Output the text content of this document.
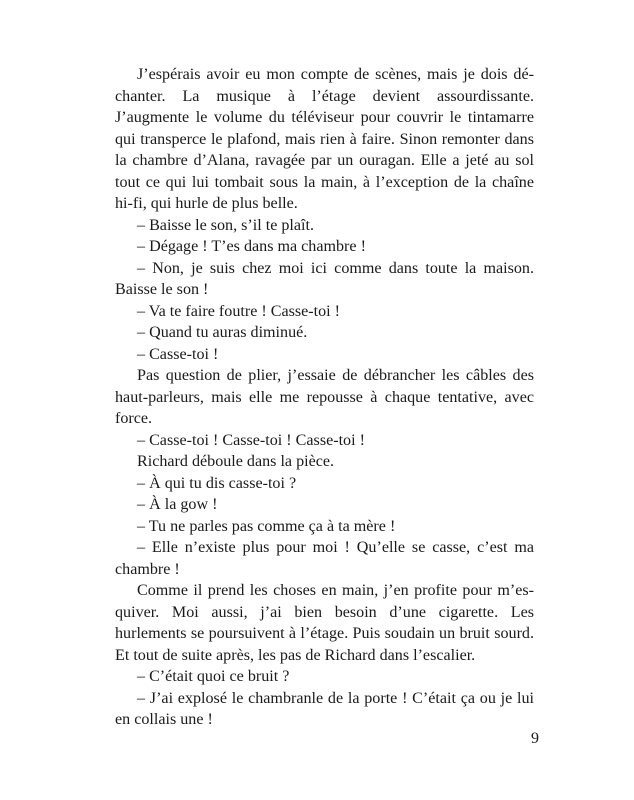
J’espérais avoir eu mon compte de scènes, mais je dois déchanter. La musique à l’étage devient assourdissante. J’augmente le volume du téléviseur pour couvrir le tintamarre qui transperce le plafond, mais rien à faire. Sinon remonter dans la chambre d’Alana, ravagée par un ouragan. Elle a jeté au sol tout ce qui lui tombait sous la main, à l’exception de la chaîne hi-fi, qui hurle de plus belle.

– Baisse le son, s’il te plaît.

– Dégage ! T’es dans ma chambre !

– Non, je suis chez moi ici comme dans toute la maison. Baisse le son !

– Va te faire foutre ! Casse-toi !

– Quand tu auras diminué.

– Casse-toi !

Pas question de plier, j’essaie de débrancher les câbles des haut-parleurs, mais elle me repousse à chaque tentative, avec force.

– Casse-toi ! Casse-toi ! Casse-toi !

Richard déboule dans la pièce.

– À qui tu dis casse-toi ?

– À la gow !

– Tu ne parles pas comme ça à ta mère !

– Elle n’existe plus pour moi ! Qu’elle se casse, c’est ma chambre !

Comme il prend les choses en main, j’en profite pour m’esquiver. Moi aussi, j’ai bien besoin d’une cigarette. Les hurlements se poursuivent à l’étage. Puis soudain un bruit sourd. Et tout de suite après, les pas de Richard dans l’escalier.

– C’était quoi ce bruit ?

– J’ai explosé le chambranle de la porte ! C’était ça ou je lui en collais une !

9
